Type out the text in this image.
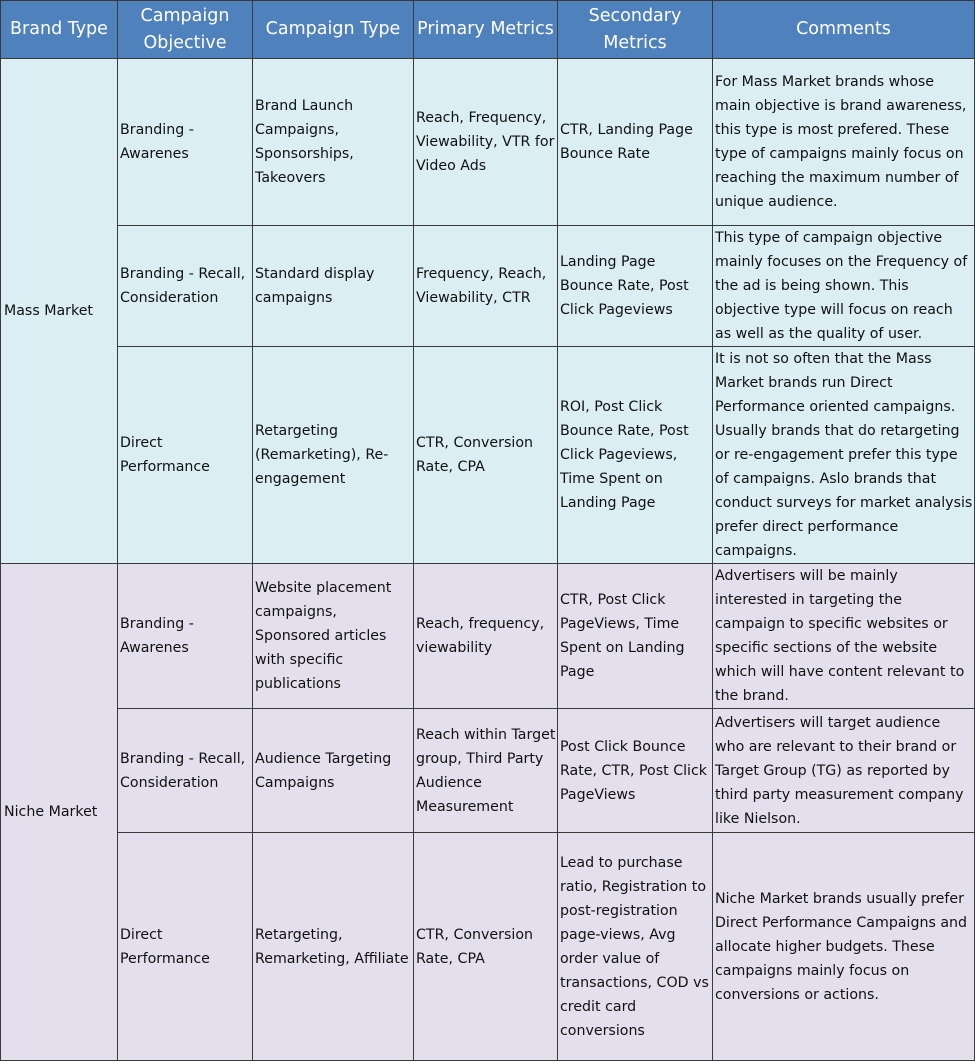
Brand Type	Campaign Objective	Campaign Type	Primary Metrics	Secondary Metrics	Comments
Mass Market	Branding - Awarenes	Brand Launch Campaigns, Sponsorships, Takeovers	Reach, Frequency, Viewability, VTR for Video Ads	CTR, Landing Page Bounce Rate	For Mass Market brands whose main objective is brand awareness, this type is most prefered. These type of campaigns mainly focus on reaching the maximum number of unique audience.
	Branding - Recall, Consideration	Standard display campaigns	Frequency, Reach, Viewability, CTR	Landing Page Bounce Rate, Post Click Pageviews	This type of campaign objective mainly focuses on the Frequency of the ad is being shown. This objective type will focus on reach as well as the quality of user.
	Direct Performance	Retargeting (Remarketing), Re-engagement	CTR, Conversion Rate, CPA	ROI, Post Click Bounce Rate, Post Click Pageviews, Time Spent on Landing Page	It is not so often that the Mass Market brands run Direct Performance oriented campaigns. Usually brands that do retargeting or re-engagement prefer this type of campaigns. Aslo brands that conduct surveys for market analysis prefer direct performance campaigns.
Niche Market	Branding - Awarenes	Website placement campaigns, Sponsored articles with specific publications	Reach, frequency, viewability	CTR, Post Click PageViews, Time Spent on Landing Page	Advertisers will be mainly interested in targeting the campaign to specific websites or specific sections of the website which will have content relevant to the brand.
	Branding - Recall, Consideration	Audience Targeting Campaigns	Reach within Target group, Third Party Audience Measurement	Post Click Bounce Rate, CTR, Post Click PageViews	Advertisers will target audience who are relevant to their brand or Target Group (TG) as reported by third party measurement company like Nielson.
	Direct Performance	Retargeting, Remarketing, Affiliate	CTR, Conversion Rate, CPA	Lead to purchase ratio, Registration to post-registration page-views, Avg order value of transactions, COD vs credit card conversions	Niche Market brands usually prefer Direct Performance Campaigns and allocate higher budgets. These campaigns mainly focus on conversions or actions.
